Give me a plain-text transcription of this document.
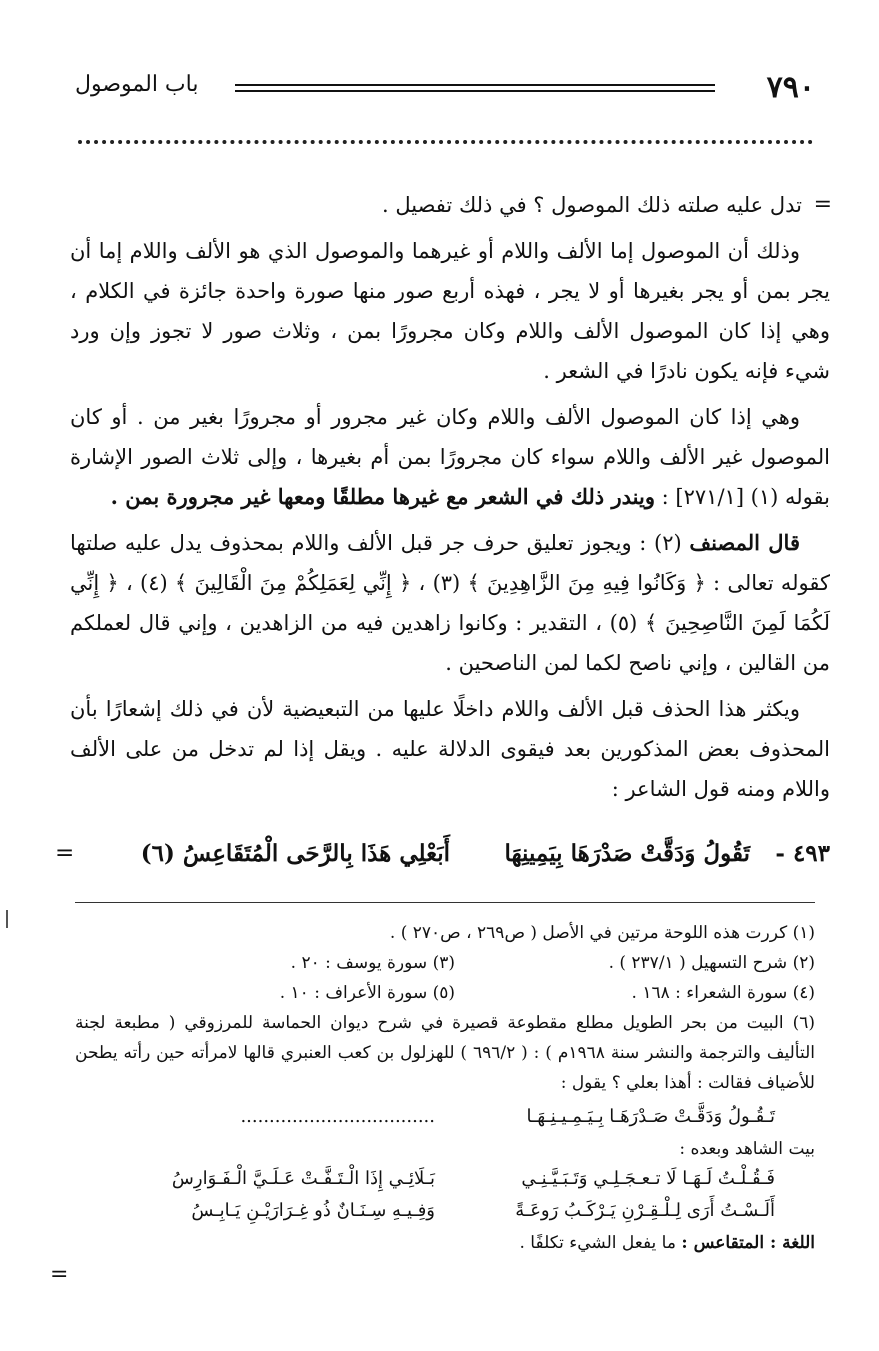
٧٩٠
باب الموصول

=
تدل عليه صلته ذلك الموصول ؟ في ذلك تفصيل .

وذلك أن الموصول إما الألف واللام أو غيرهما والموصول الذي هو الألف واللام إما أن يجر بمن أو يجر بغيرها أو لا يجر ، فهذه أربع صور منها صورة واحدة جائزة في الكلام ، وهي إذا كان الموصول الألف واللام وكان مجرورًا بمن ، وثلاث صور لا تجوز وإن ورد شيء فإنه يكون نادرًا في الشعر .

وهي إذا كان الموصول الألف واللام وكان غير مجرور أو مجرورًا بغير من . أو كان الموصول غير الألف واللام سواء كان مجرورًا بمن أم بغيرها ، وإلى ثلاث الصور الإشارة بقوله (١) [٢٧١/١] : ويندر ذلك في الشعر مع غيرها مطلقًا ومعها غير مجرورة بمن .

قال المصنف (٢) : ويجوز تعليق حرف جر قبل الألف واللام بمحذوف يدل عليه صلتها كقوله تعالى : ﴿ وَكَانُوا فِيهِ مِنَ الزَّاهِدِينَ ﴾ (٣) ، ﴿ إِنِّي لِعَمَلِكُمْ مِنَ الْقَالِينَ ﴾ (٤) ، ﴿ إِنِّي لَكُمَا لَمِنَ النَّاصِحِينَ ﴾ (٥) ، التقدير : وكانوا زاهدين فيه من الزاهدين ، وإني قال لعملكم من القالين ، وإني ناصح لكما لمن الناصحين .

ويكثر هذا الحذف قبل الألف واللام داخلًا عليها من التبعيضية لأن في ذلك إشعارًا بأن المحذوف بعض المذكورين بعد فيقوى الدلالة عليه . ويقل إذا لم تدخل من على الألف واللام ومنه قول الشاعر :

٤٩٣ -
تَقُولُ وَدَقَّتْ صَدْرَهَا بِيَمِينِهَا
أَبَعْلِي هَذَا بِالرَّحَى الْمُتَقَاعِسُ (٦)
=
(١) كررت هذه اللوحة مرتين في الأصل ( ص٢٦٩ ، ص٢٧٠ ) .
(٢) شرح التسهيل ( ٢٣٧/١ ) .
(٣) سورة يوسف : ٢٠ .
(٤) سورة الشعراء : ١٦٨ .
(٥) سورة الأعراف : ١٠ .
(٦) البيت من بحر الطويل مطلع مقطوعة قصيرة في شرح ديوان الحماسة للمرزوقي ( مطبعة لجنة التأليف والترجمة والنشر سنة ١٩٦٨م ) : ( ٦٩٦/٢ ) للهزلول بن كعب العنبري قالها لامرأته حين رأته يطحن للأضياف فقالت : أهذا بعلي ؟ يقول :
تَـقُـولُ وَدَقَّـتْ صَـدْرَهَـا بِـيَـمِـيـنِـهَـا
..................................
بيت الشاهد وبعده :
فَـقُـلْـتُ لَـهَـا لَا تـعـجَـلِـي وَتَـبَـيَّـنِـي
بَـلَائِـي إِذَا الْـتَـفَّـتْ عَـلَـيَّ الْـفَـوَارِسُ
أَلَـسْـتُ أَرَى لِـلْـقِـرْنِ يَـرْكَـبُ رَوعَـةً
وَفِـيـهِ سِـنَـانٌ ذُو غِـرَارَيْـنِ يَـابِـسُ
اللغة : المتقاعس : ما يفعل الشيء تكلفًا .
=
